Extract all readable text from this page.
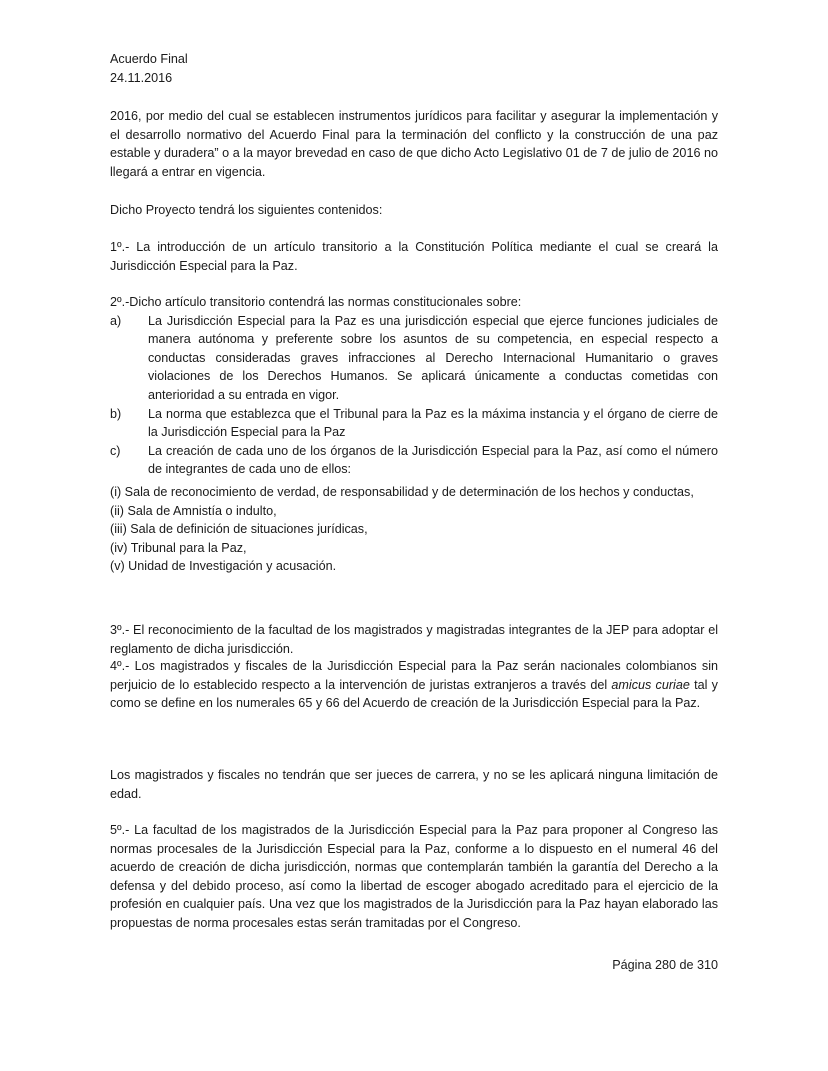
Acuerdo Final

24.11.2016

2016, por medio del cual se establecen instrumentos jurídicos para facilitar y asegurar la implementación y el desarrollo normativo del Acuerdo Final para la terminación del conflicto y la construcción de una paz estable y duradera” o a la mayor brevedad en caso de que dicho Acto Legislativo 01 de 7 de julio de 2016 no llegará a entrar en vigencia.

Dicho Proyecto tendrá los siguientes contenidos:

1º.- La introducción de un artículo transitorio a la Constitución Política mediante el cual se creará la Jurisdicción Especial para la Paz.

2º.-Dicho artículo transitorio contendrá las normas constitucionales sobre:

a) La Jurisdicción Especial para la Paz es una jurisdicción especial que ejerce funciones judiciales de manera autónoma y preferente sobre los asuntos de su competencia, en especial respecto a conductas consideradas graves infracciones al Derecho Internacional Humanitario o graves violaciones de los Derechos Humanos. Se aplicará únicamente a conductas cometidas con anterioridad a su entrada en vigor.
b) La norma que establezca que el Tribunal para la Paz es la máxima instancia y el órgano de cierre de la Jurisdicción Especial para la Paz
c) La creación de cada uno de los órganos de la Jurisdicción Especial para la Paz, así como el número de integrantes de cada uno de ellos:

(i) Sala de reconocimiento de verdad, de responsabilidad y de determinación de los hechos y conductas,

(ii) Sala de Amnistía o indulto,

(iii) Sala de definición de situaciones jurídicas,

(iv) Tribunal para la Paz,

(v) Unidad de Investigación y acusación.

3º.- El reconocimiento de la facultad de los magistrados y magistradas integrantes de la JEP para adoptar el reglamento de dicha jurisdicción.

4º.- Los magistrados y fiscales de la Jurisdicción Especial para la Paz serán nacionales colombianos sin perjuicio de lo establecido respecto a la intervención de juristas extranjeros a través del amicus curiae tal y como se define en los numerales 65 y 66 del Acuerdo de creación de la Jurisdicción Especial para la Paz.

Los magistrados y fiscales no tendrán que ser jueces de carrera, y no se les aplicará ninguna limitación de edad.

5º.- La facultad de los magistrados de la Jurisdicción Especial para la Paz para proponer al Congreso las normas procesales de la Jurisdicción Especial para la Paz, conforme a lo dispuesto en el numeral 46 del acuerdo de creación de dicha jurisdicción, normas que contemplarán también la garantía del Derecho a la defensa y del debido proceso, así como la libertad de escoger abogado acreditado para el ejercicio de la profesión en cualquier país. Una vez que los magistrados de la Jurisdicción para la Paz hayan elaborado las propuestas de norma procesales estas serán tramitadas por el Congreso.

Página 280 de 310
